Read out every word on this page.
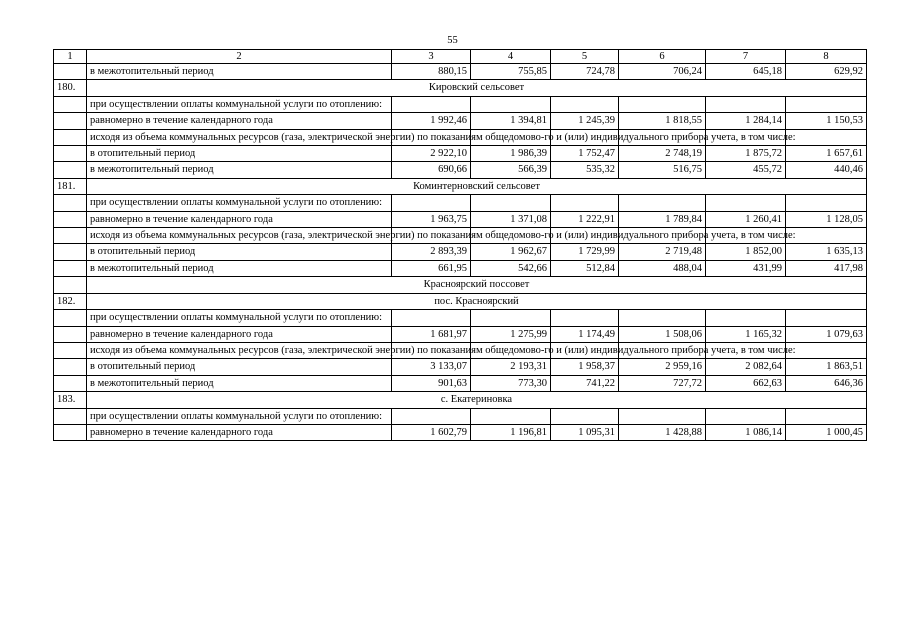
55
1	2	3	4	5	6	7	8
	в межотопительный период	880,15	755,85	724,78	706,24	645,18	629,92
180.	Кировский сельсовет						
	при осуществлении оплаты коммунальной услуги по отоплению:						
	равномерно в течение календарного года	1 992,46	1 394,81	1 245,39	1 818,55	1 284,14	1 150,53
	исходя из объема коммунальных ресурсов (газа, электрической энергии) по показаниям общедомово-го и (или) индивидуального прибора учета, в том числе:						
	в отопительный период	2 922,10	1 986,39	1 752,47	2 748,19	1 875,72	1 657,61
	в межотопительный период	690,66	566,39	535,32	516,75	455,72	440,46
181.	Коминтерновский сельсовет						
	при осуществлении оплаты коммунальной услуги по отоплению:						
	равномерно в течение календарного года	1 963,75	1 371,08	1 222,91	1 789,84	1 260,41	1 128,05
	исходя из объема коммунальных ресурсов (газа, электрической энергии) по показаниям общедомово-го и (или) индивидуального прибора учета, в том числе:						
	в отопительный период	2 893,39	1 962,67	1 729,99	2 719,48	1 852,00	1 635,13
	в межотопительный период	661,95	542,66	512,84	488,04	431,99	417,98
	Красноярский поссовет						
182.	пос. Красноярский						
	при осуществлении оплаты коммунальной услуги по отоплению:						
	равномерно в течение календарного года	1 681,97	1 275,99	1 174,49	1 508,06	1 165,32	1 079,63
	исходя из объема коммунальных ресурсов (газа, электрической энергии) по показаниям общедомово-го и (или) индивидуального прибора учета, в том числе:						
	в отопительный период	3 133,07	2 193,31	1 958,37	2 959,16	2 082,64	1 863,51
	в межотопительный период	901,63	773,30	741,22	727,72	662,63	646,36
183.	с. Екатериновка						
	при осуществлении оплаты коммунальной услуги по отоплению:						
	равномерно в течение календарного года	1 602,79	1 196,81	1 095,31	1 428,88	1 086,14	1 000,45
